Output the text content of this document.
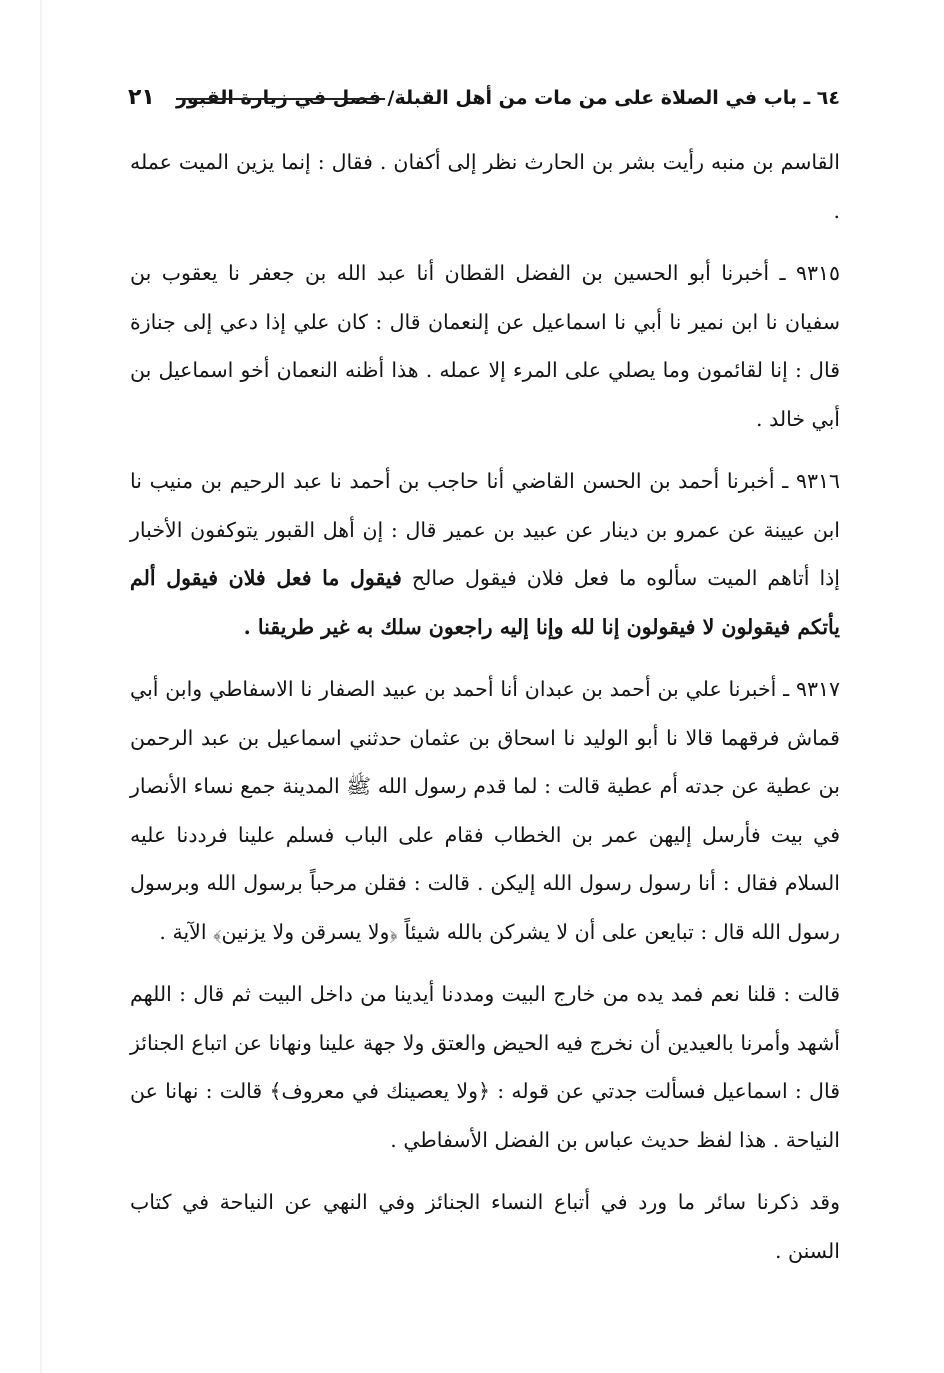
٦٤ ـ باب في الصلاة على من مات من أهل القبلة/ فصل في زيارة القبور
٢١

القاسم بن منبه رأيت بشر بن الحارث نظر إلى أكفان . فقال : إنما يزين الميت عمله .

٩٣١٥ ـ أخبرنا أبو الحسين بن الفضل القطان أنا عبد الله بن جعفر نا يعقوب بن سفيان نا ابن نمير نا أبي نا اسماعيل عن إلنعمان قال : كان علي إذا دعي إلى جنازة قال : إنا لقائمون وما يصلي على المرء إلا عمله . هذا أظنه النعمان أخو اسماعيل بن أبي خالد .

٩٣١٦ ـ أخبرنا أحمد بن الحسن القاضي أنا حاجب بن أحمد نا عبد الرحيم بن منيب نا ابن عيينة عن عمرو بن دينار عن عبيد بن عمير قال : إن أهل القبور يتوكفون الأخبار إذا أتاهم الميت سألوه ما فعل فلان فيقول صالح فيقول ما فعل فلان فيقول ألم يأتكم فيقولون لا فيقولون إنا لله وإنا إليه راجعون سلك به غير طريقنا .

٩٣١٧ ـ أخبرنا علي بن أحمد بن عبدان أنا أحمد بن عبيد الصفار نا الاسفاطي وابن أبي قماش فرقهما قالا نا أبو الوليد نا اسحاق بن عثمان حدثني اسماعيل بن عبد الرحمن بن عطية عن جدته أم عطية قالت : لما قدم رسول الله ﷺ المدينة جمع نساء الأنصار في بيت فأرسل إليهن عمر بن الخطاب فقام على الباب فسلم علينا فرددنا عليه السلام فقال : أنا رسول رسول الله إليكن . قالت : فقلن مرحباً برسول الله وبرسول رسول الله قال : تبايعن على أن لا يشركن بالله شيئاً ﴿ولا يسرقن ولا يزنين﴾ الآية .

قالت : قلنا نعم فمد يده من خارج البيت ومددنا أيدينا من داخل البيت ثم قال : اللهم أشهد وأمرنا بالعيدين أن نخرج فيه الحيض والعتق ولا جهة علينا ونهانا عن اتباع الجنائز قال : اسماعيل فسألت جدتي عن قوله : ﴿ولا يعصينك في معروف﴾ قالت : نهانا عن النياحة . هذا لفظ حديث عباس بن الفضل الأسفاطي .

وقد ذكرنا سائر ما ورد في أتباع النساء الجنائز وفي النهي عن النياحة في كتاب السنن .
